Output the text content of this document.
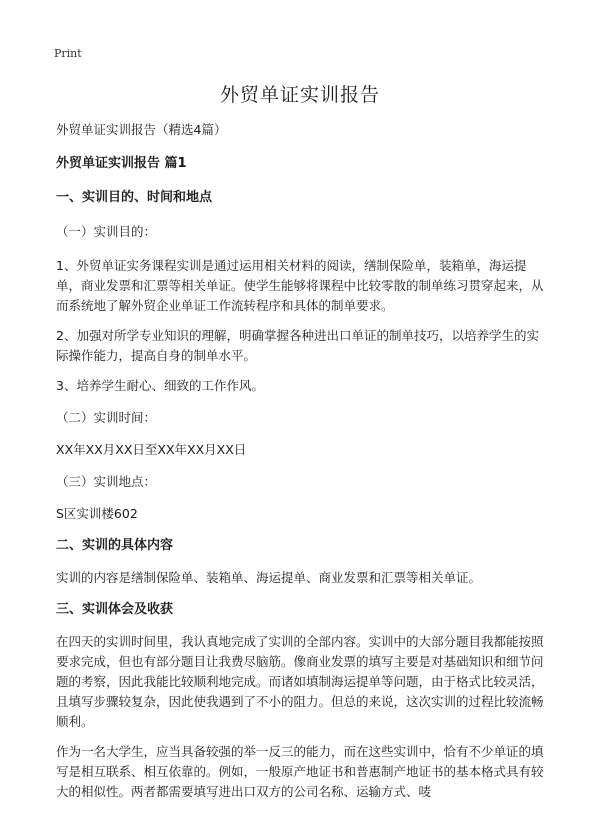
Print
外贸单证实训报告

外贸单证实训报告（精选4篇）

外贸单证实训报告 篇1

一、实训目的、时间和地点

（一）实训目的：

1、外贸单证实务课程实训是通过运用相关材料的阅读，缮制保险单，装箱单，海运提单，商业发票和汇票等相关单证。使学生能够将课程中比较零散的制单练习贯穿起来，从而系统地了解外贸企业单证工作流转程序和具体的制单要求。

2、加强对所学专业知识的理解，明确掌握各种进出口单证的制单技巧，以培养学生的实际操作能力，提高自身的制单水平。

3、培养学生耐心、细致的工作作风。

（二）实训时间：

XX年XX月XX日至XX年XX月XX日

（三）实训地点：

S区实训楼602

二、实训的具体内容

实训的内容是缮制保险单、装箱单、海运提单、商业发票和汇票等相关单证。

三、实训体会及收获

在四天的实训时间里，我认真地完成了实训的全部内容。实训中的大部分题目我都能按照要求完成，但也有部分题目让我费尽脑筋。像商业发票的填写主要是对基础知识和细节问题的考察，因此我能比较顺利地完成。而诸如填制海运提单等问题，由于格式比较灵活，且填写步骤较复杂，因此使我遇到了不小的阻力。但总的来说，这次实训的过程比较流畅顺利。

作为一名大学生，应当具备较强的举一反三的能力，而在这些实训中，恰有不少单证的填写是相互联系、相互依靠的。例如，一般原产地证书和普惠制产地证书的基本格式具有较大的相似性。两者都需要填写进出口双方的公司名称、运输方式、唛
